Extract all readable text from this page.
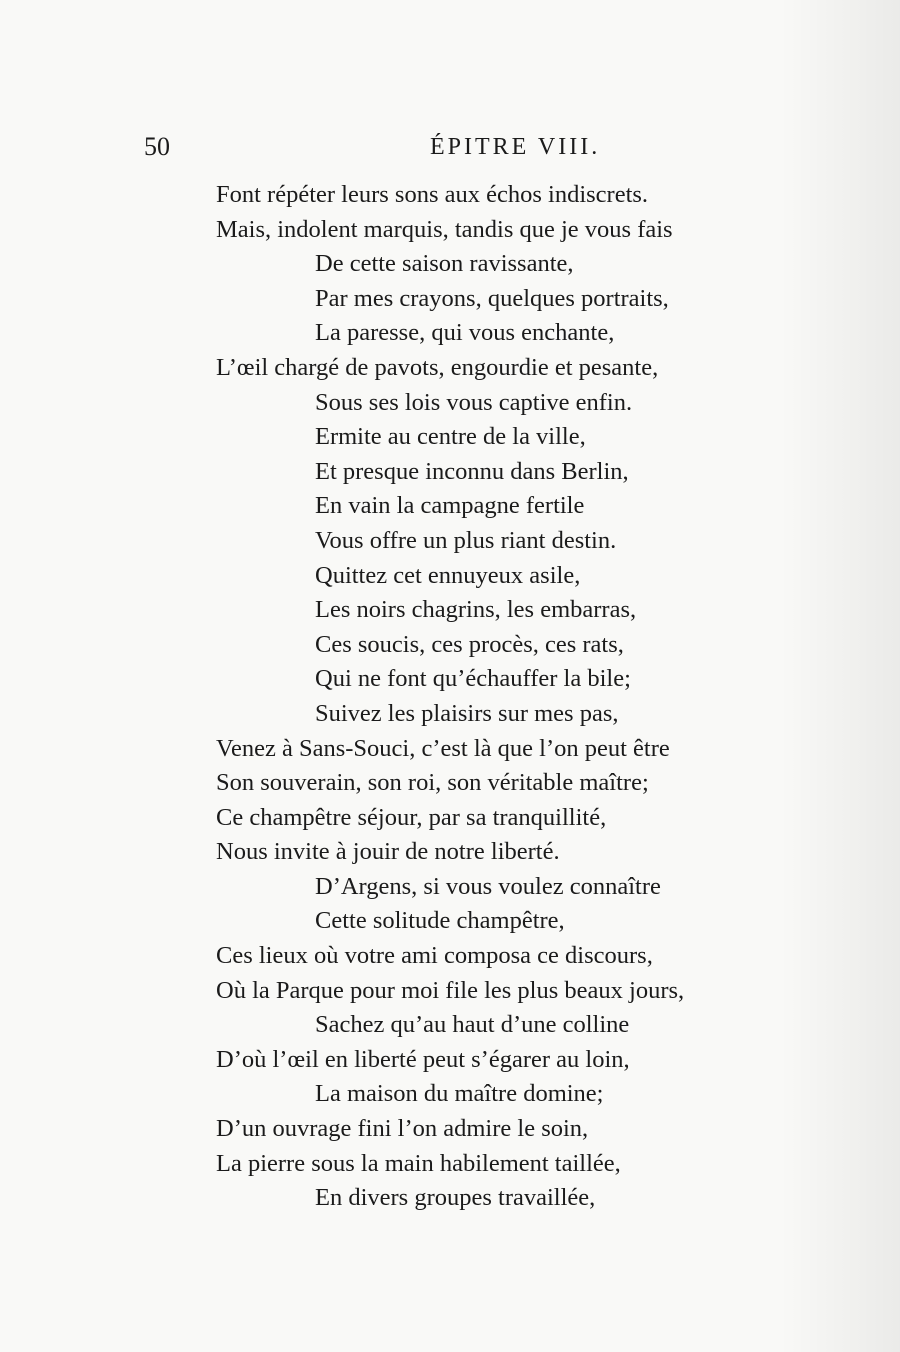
50	ÉPITRE VIII.
Font répéter leurs sons aux échos indiscrets.
Mais, indolent marquis, tandis que je vous fais
De cette saison ravissante,
Par mes crayons, quelques portraits,
La paresse, qui vous enchante,
L’œil chargé de pavots, engourdie et pesante,
Sous ses lois vous captive enfin.
Ermite au centre de la ville,
Et presque inconnu dans Berlin,
En vain la campagne fertile
Vous offre un plus riant destin.
Quittez cet ennuyeux asile,
Les noirs chagrins, les embarras,
Ces soucis, ces procès, ces rats,
Qui ne font qu’échauffer la bile;
Suivez les plaisirs sur mes pas,
Venez à Sans-Souci, c’est là que l’on peut être
Son souverain, son roi, son véritable maître;
Ce champêtre séjour, par sa tranquillité,
Nous invite à jouir de notre liberté.
D’Argens, si vous voulez connaître
Cette solitude champêtre,
Ces lieux où votre ami composa ce discours,
Où la Parque pour moi file les plus beaux jours,
Sachez qu’au haut d’une colline
D’où l’œil en liberté peut s’égarer au loin,
La maison du maître domine;
D’un ouvrage fini l’on admire le soin,
La pierre sous la main habilement taillée,
En divers groupes travaillée,
